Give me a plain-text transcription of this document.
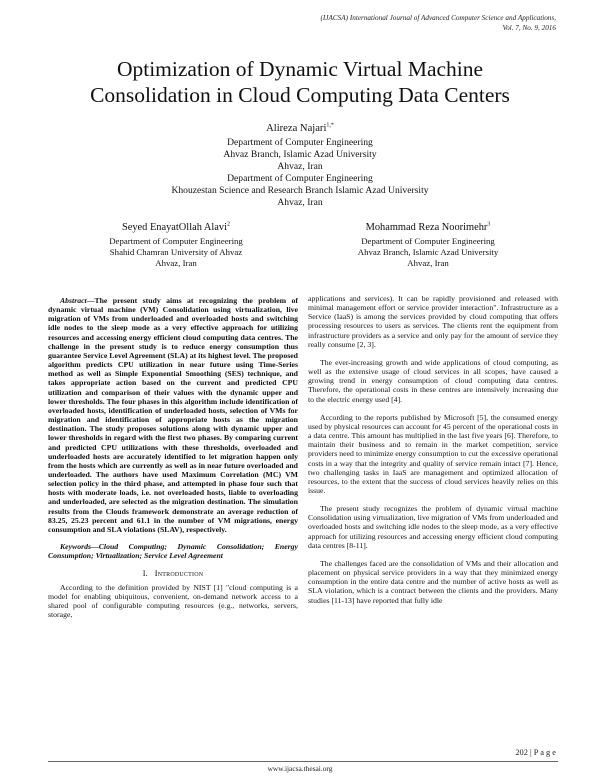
(IJACSA) International Journal of Advanced Computer Science and Applications,
Vol. 7, No. 9, 2016
Optimization of Dynamic Virtual Machine
Consolidation in Cloud Computing Data Centers
Alireza Najari$^{1,*}$
Department of Computer Engineering
Ahvaz Branch, Islamic Azad University
Ahvaz, Iran
Department of Computer Engineering
Khouzestan Science and Research Branch Islamic Azad University
Ahvaz, Iran
Seyed EnayatOllah Alavi$^2$
Department of Computer Engineering
Shahid Chamran University of Ahvaz
Ahvaz, Iran
Mohammad Reza Noorimehr$^3$
Department of Computer Engineering
Ahvaz Branch, Islamic Azad University
Ahvaz, Iran

Abstract—The present study aims at recognizing the problem of dynamic virtual machine (VM) Consolidation using virtualization, live migration of VMs from underloaded and overloaded hosts and switching idle nodes to the sleep mode as a very effective approach for utilizing resources and accessing energy efficient cloud computing data centres. The challenge in the present study is to reduce energy consumption thus guarantee Service Level Agreement (SLA) at its highest level. The proposed algorithm predicts CPU utilization in near future using Time-Series method as well as Simple Exponential Smoothing (SES) technique, and takes appropriate action based on the current and predicted CPU utilization and comparison of their values with the dynamic upper and lower thresholds. The four phases in this algorithm include identification of overloaded hosts, identification of underloaded hosts, selection of VMs for migration and identification of appropriate hosts as the migration destination. The study proposes solutions along with dynamic upper and lower thresholds in regard with the first two phases. By comparing current and predicted CPU utilizations with these thresholds, overloaded and underloaded hosts are accurately identified to let migration happen only from the hosts which are currently as well as in near future overloaded and underloaded. The authors have used Maximum Correlation (MC) VM selection policy in the third phase, and attempted in phase four such that hosts with moderate loads, i.e. not overloaded hosts, liable to overloading and underloaded, are selected as the migration destination. The simulation results from the Clouds framework demonstrate an average reduction of 83.25, 25.23 percent and 61.1 in the number of VM migrations, energy consumption and SLA violations (SLAV), respectively.

Keywords—Cloud Computing; Dynamic Consolidation; Energy Consumption; Virtualization; Service Level Agreement

I. Introduction

According to the definition provided by NIST [1] "cloud computing is a model for enabling ubiquitous, convenient, on-demand network access to a shared pool of configurable computing resources (e.g., networks, servers, storage,

applications and services). It can be rapidly provisioned and released with minimal management effort or service provider interaction". Infrastructure as a Service (IaaS) is among the services provided by cloud computing that offers processing resources to users as services. The clients rent the equipment from infrastructure providers as a service and only pay for the amount of service they really consume [2, 3].

The ever-increasing growth and wide applications of cloud computing, as well as the extensive usage of cloud services in all scopes, have caused a growing trend in energy consumption of cloud computing data centres. Therefore, the operational costs in these centres are intensively increasing due to the electric energy used [4].

According to the reports published by Microsoft [5], the consumed energy used by physical resources can account for 45 percent of the operational costs in a data centre. This amount has multiplied in the last five years [6]. Therefore, to maintain their business and to remain in the market competition, service providers need to minimize energy consumption to cut the excessive operational costs in a way that the integrity and quality of service remain intact [7]. Hence, two challenging tasks in IaaS are management and optimized allocation of resources, to the extent that the success of cloud services heavily relies on this issue.

The present study recognizes the problem of dynamic virtual machine Consolidation using virtualization, live migration of VMs from underloaded and overloaded hosts and switching idle nodes to the sleep mode, as a very effective approach for utilizing resources and accessing energy efficient cloud computing data centres [8-11].

The challenges faced are the consolidation of VMs and their allocation and placement on physical service providers in a way that they minimized energy consumption in the entire data centre and the number of active hosts as well as SLA violation, which is a contract between the clients and the providers. Many studies [11-13] have reported that fully idle

202 | P a g e
www.ijacsa.thesai.org
